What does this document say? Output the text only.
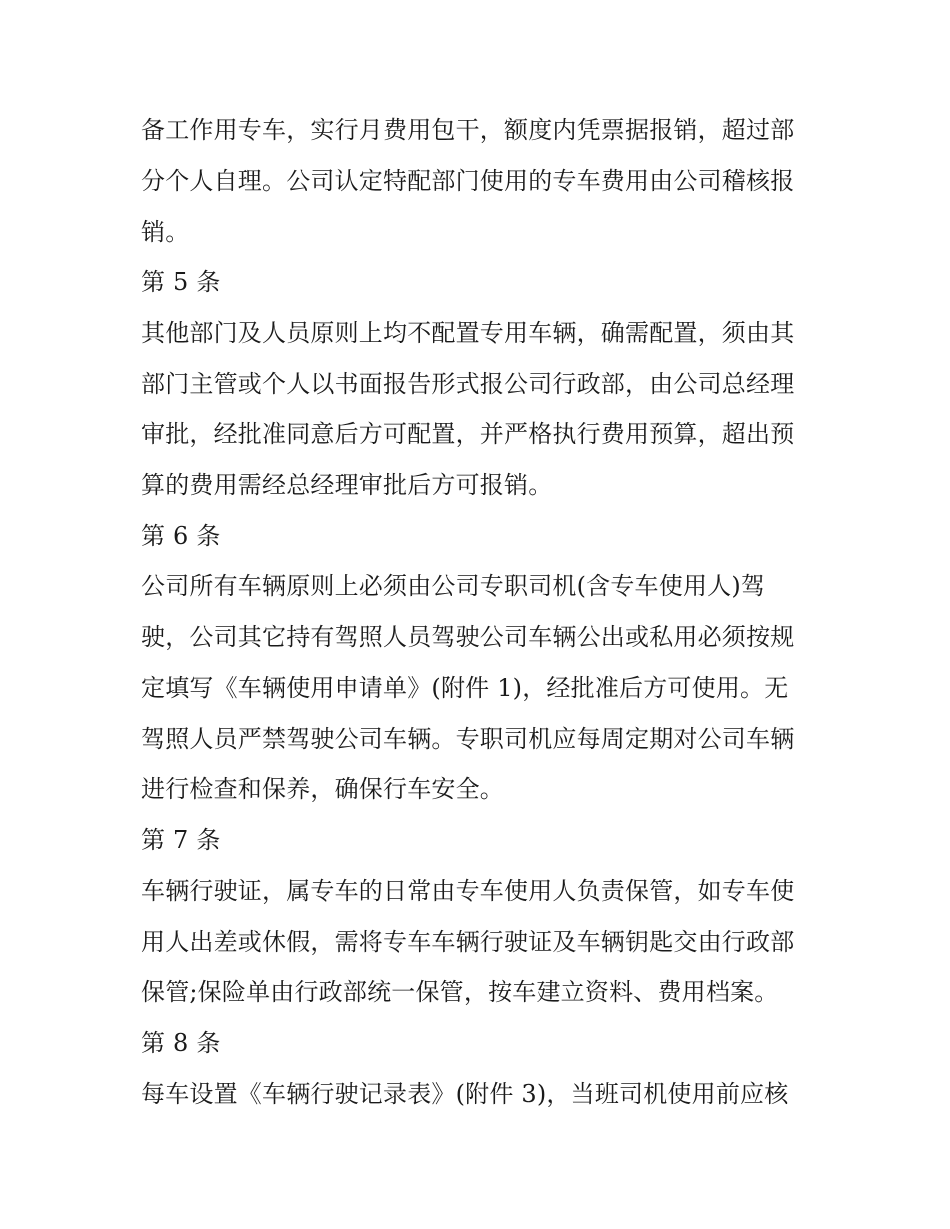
备工作用专车，实行月费用包干，额度内凭票据报销，超过部
分个人自理。公司认定特配部门使用的专车费用由公司稽核报
销。
第 5 条
其他部门及人员原则上均不配置专用车辆，确需配置，须由其
部门主管或个人以书面报告形式报公司行政部，由公司总经理
审批，经批准同意后方可配置，并严格执行费用预算，超出预
算的费用需经总经理审批后方可报销。
第 6 条
公司所有车辆原则上必须由公司专职司机(含专车使用人)驾
驶，公司其它持有驾照人员驾驶公司车辆公出或私用必须按规
定填写《车辆使用申请单》(附件 1)，经批准后方可使用。无
驾照人员严禁驾驶公司车辆。专职司机应每周定期对公司车辆
进行检查和保养，确保行车安全。
第 7 条
车辆行驶证，属专车的日常由专车使用人负责保管，如专车使
用人出差或休假，需将专车车辆行驶证及车辆钥匙交由行政部
保管;保险单由行政部统一保管，按车建立资料、费用档案。
第 8 条
每车设置《车辆行驶记录表》(附件 3)，当班司机使用前应核
